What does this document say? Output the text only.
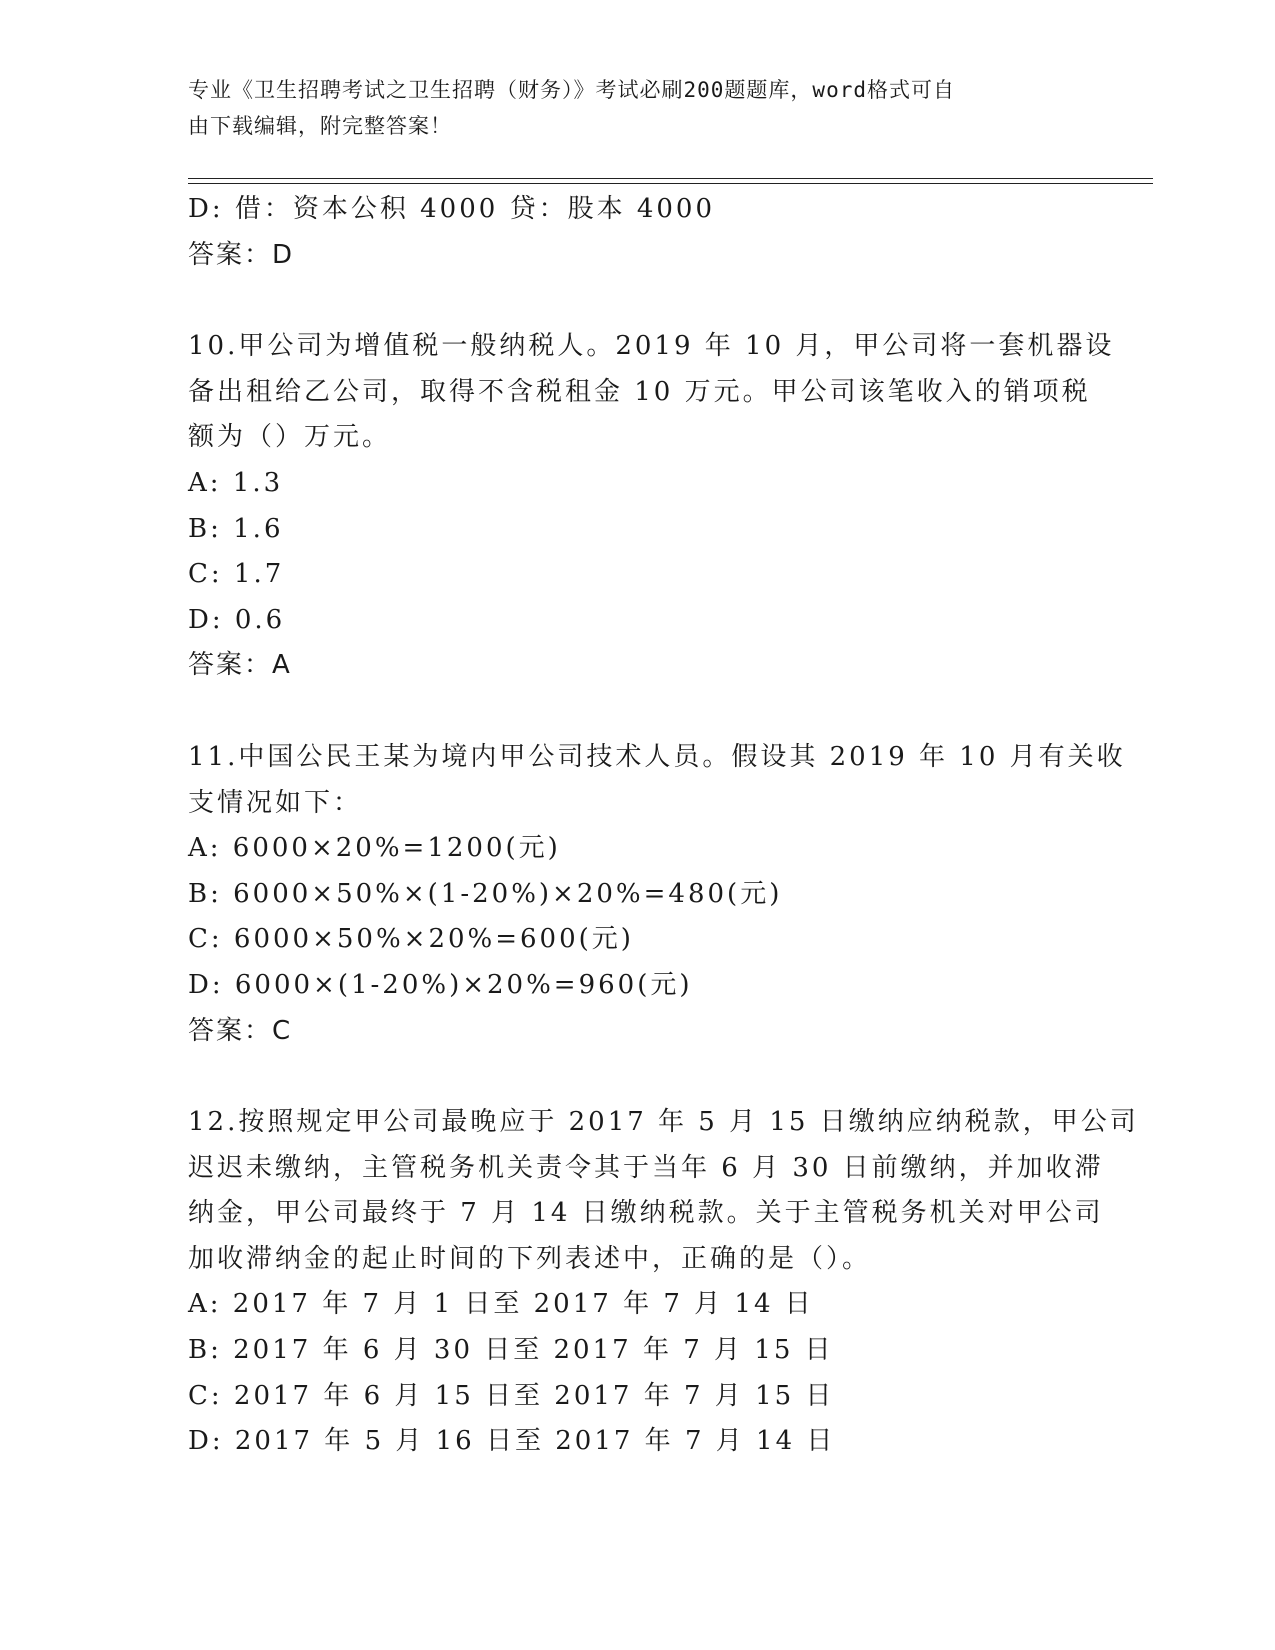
专业《卫生招聘考试之卫生招聘（财务）》考试必刷200题题库，word格式可自
由下载编辑，附完整答案！
D: 借：资本公积 4000 贷：股本 4000
答案：D
10.甲公司为增值税一般纳税人。2019 年 10 月，甲公司将一套机器设
备出租给乙公司，取得不含税租金 10 万元。甲公司该笔收入的销项税
额为（）万元。
A: 1.3
B: 1.6
C: 1.7
D: 0.6
答案：A
11.中国公民王某为境内甲公司技术人员。假设其 2019 年 10 月有关收
支情况如下：
A: 6000×20%=1200(元)
B: 6000×50%×(1-20%)×20%=480(元)
C: 6000×50%×20%=600(元)
D: 6000×(1-20%)×20%=960(元)
答案：C
12.按照规定甲公司最晚应于 2017 年 5 月 15 日缴纳应纳税款，甲公司
迟迟未缴纳，主管税务机关责令其于当年 6 月 30 日前缴纳，并加收滞
纳金，甲公司最终于 7 月 14 日缴纳税款。关于主管税务机关对甲公司
加收滞纳金的起止时间的下列表述中，正确的是（）。
A: 2017 年 7 月 1 日至 2017 年 7 月 14 日
B: 2017 年 6 月 30 日至 2017 年 7 月 15 日
C: 2017 年 6 月 15 日至 2017 年 7 月 15 日
D: 2017 年 5 月 16 日至 2017 年 7 月 14 日
